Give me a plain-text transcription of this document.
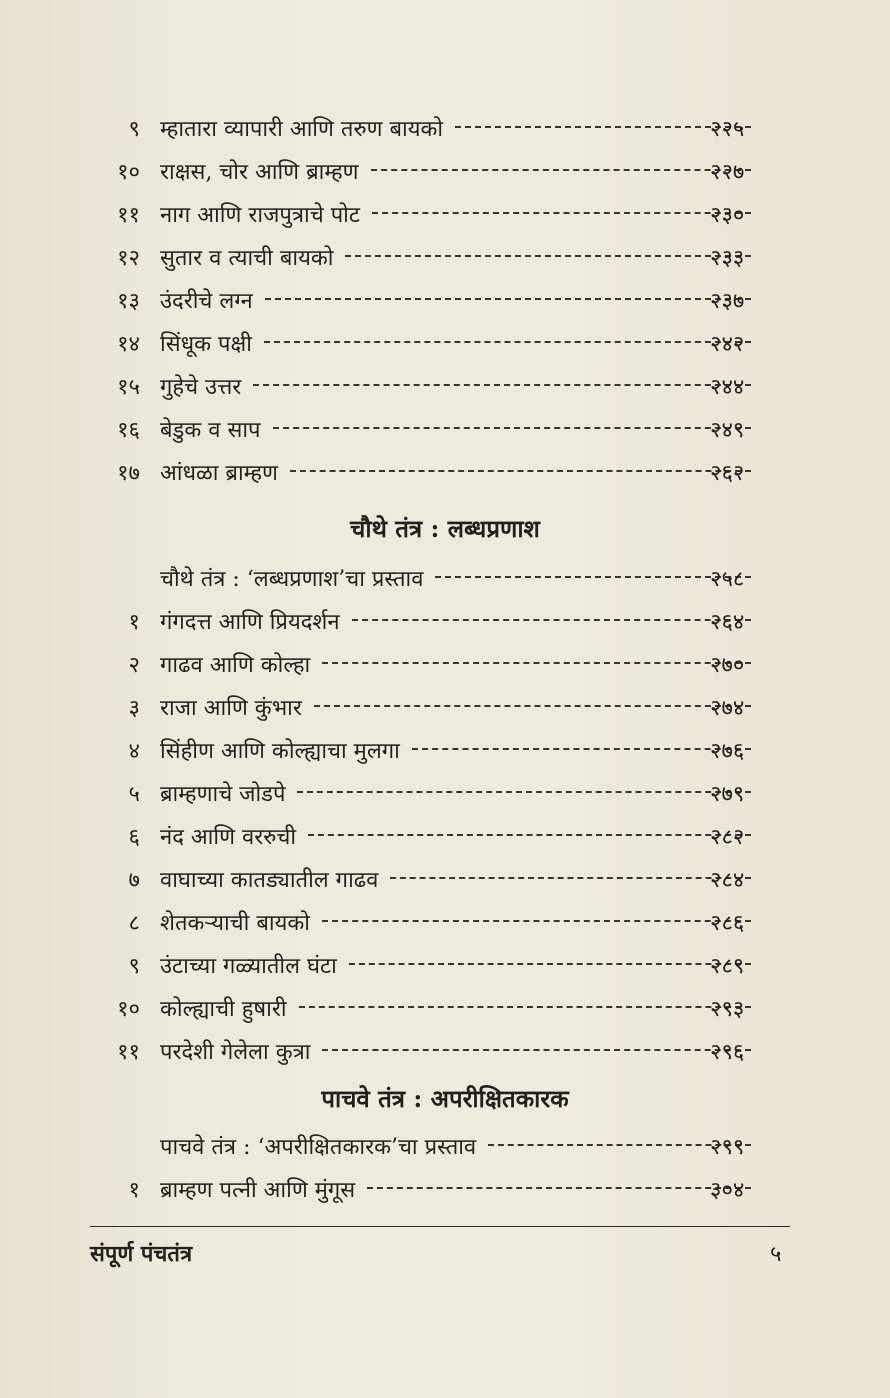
९ म्हातारा व्यापारी आणि तरुण बायको	२२५
१० राक्षस, चोर आणि ब्राम्हण	२२७
११ नाग आणि राजपुत्राचे पोट	२३०
१२ सुतार व त्याची बायको	२३३
१३ उंदरीचे लग्न	२३७
१४ सिंधूक पक्षी	२४२
१५ गुहेचे उत्तर	२४४
१६ बेडुक व साप	२४९
१७ आंधळा ब्राम्हण	२६२
चौथे तंत्र : लब्धप्रणाश
चौथे तंत्र : ‘लब्धप्रणाश’चा प्रस्ताव	२५८
१ गंगदत्त आणि प्रियदर्शन	२६४
२ गाढव आणि कोल्हा	२७०
३ राजा आणि कुंभार	२७४
४ सिंहीण आणि कोल्ह्याचा मुलगा	२७६
५ ब्राम्हणाचे जोडपे	२७९
६ नंद आणि वररुची	२८२
७ वाघाच्या कातड्यातील गाढव	२८४
८ शेतकऱ्याची बायको	२८६
९ उंटाच्या गळ्यातील घंटा	२८९
१० कोल्ह्याची हुषारी	२९३
११ परदेशी गेलेला कुत्रा	२९६
पाचवे तंत्र : अपरीक्षितकारक
पाचवे तंत्र : ‘अपरीक्षितकारक’चा प्रस्ताव	२९९
१ ब्राम्हण पत्नी आणि मुंगूस	३०४
संपूर्ण पंचतंत्र	५
